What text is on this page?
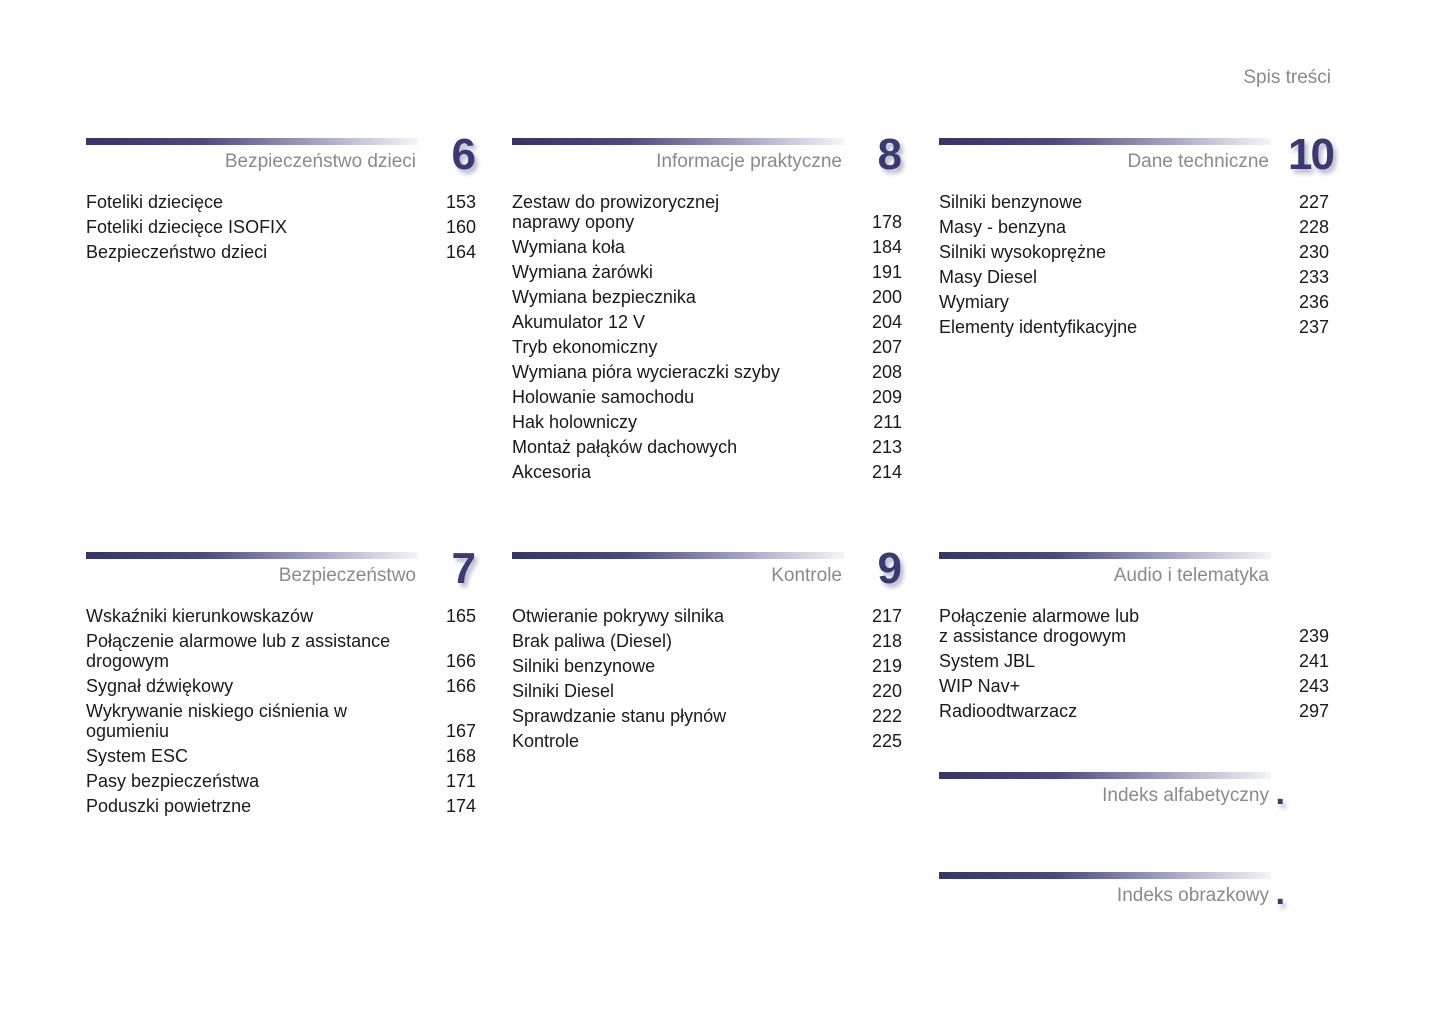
Spis treści
Bezpieczeństwo dzieci 6
Foteliki dziecięce	153
Foteliki dziecięce ISOFIX	160
Bezpieczeństwo dzieci	164
Informacje praktyczne 8
Zestaw do prowizorycznej
naprawy opony	178
Wymiana koła	184
Wymiana żarówki	191
Wymiana bezpiecznika	200
Akumulator 12 V	204
Tryb ekonomiczny	207
Wymiana pióra wycieraczki szyby	208
Holowanie samochodu	209
Hak holowniczy	211
Montaż pałąków dachowych	213
Akcesoria	214
Dane techniczne 10
Silniki benzynowe	227
Masy - benzyna	228
Silniki wysokoprężne	230
Masy Diesel	233
Wymiary	236
Elementy identyfikacyjne	237
Bezpieczeństwo 7
Wskaźniki kierunkowskazów	165
Połączenie alarmowe lub z assistance
drogowym	166
Sygnał dźwiękowy	166
Wykrywanie niskiego ciśnienia w
ogumieniu	167
System ESC	168
Pasy bezpieczeństwa	171
Poduszki powietrzne	174
Kontrole 9
Otwieranie pokrywy silnika	217
Brak paliwa (Diesel)	218
Silniki benzynowe	219
Silniki Diesel	220
Sprawdzanie stanu płynów	222
Kontrole	225
Audio i telematyka
Połączenie alarmowe lub
z assistance drogowym	239
System JBL	241
WIP Nav+	243
Radioodtwarzacz	297
Indeks alfabetyczny .
Indeks obrazkowy .
